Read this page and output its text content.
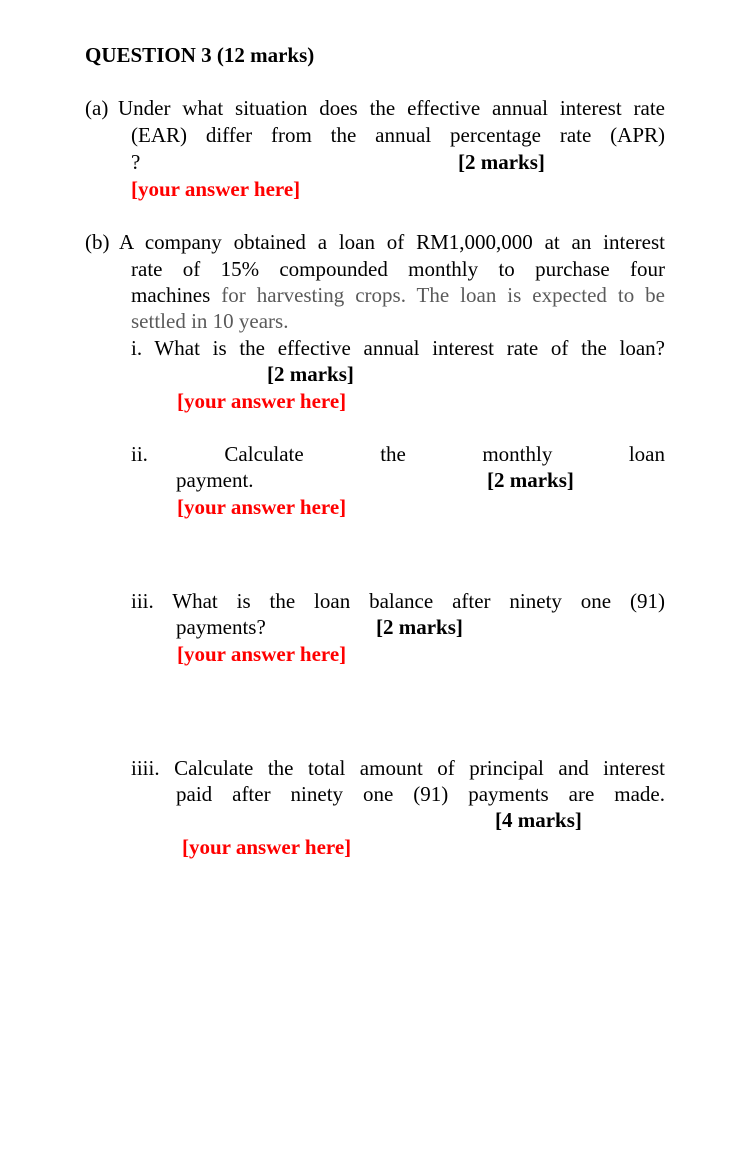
QUESTION 3 (12 marks)
(a) Under what situation does the effective annual interest rate
(EAR) differ from the annual percentage rate (APR)
?	[2 marks]
[your answer here]
(b) A company obtained a loan of RM1,000,000 at an interest
rate of 15% compounded monthly to purchase four
machines for harvesting crops. The loan is expected to be
settled in 10 years.
i. What is the effective annual interest rate of the loan?
[2 marks]
[your answer here]
ii.	Calculate	the	monthly	loan
payment.	[2 marks]
[your answer here]
iii. What is the loan balance after ninety one (91)
payments?	[2 marks]
[your answer here]
iiii. Calculate the total amount of principal and interest
paid after ninety one (91) payments are made.
[4 marks]
[your answer here]
